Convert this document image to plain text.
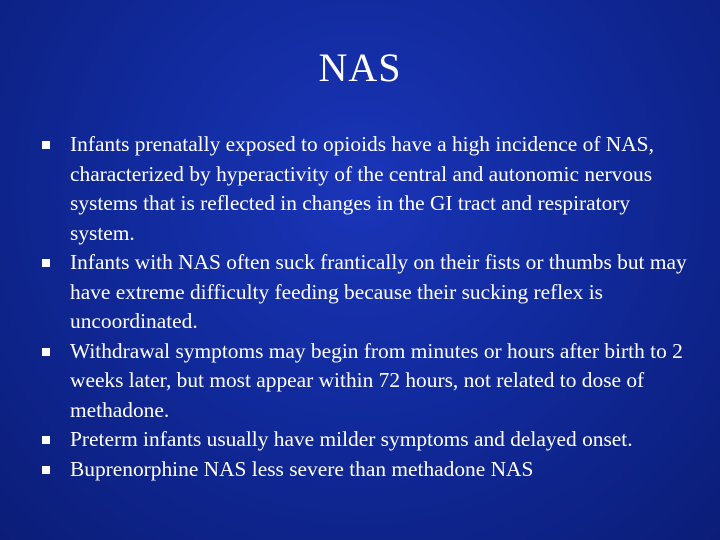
NAS
Infants prenatally exposed to opioids have a high incidence of NAS, characterized by hyperactivity of the central and autonomic nervous systems that is reflected in changes in the GI tract and respiratory system.
Infants with NAS often suck frantically on their fists or thumbs but may have extreme difficulty feeding because their sucking reflex is uncoordinated.
Withdrawal symptoms may begin from minutes or hours after birth to 2 weeks later, but most appear within 72 hours, not related to dose of methadone.
Preterm infants usually have milder symptoms and delayed onset.
Buprenorphine NAS less severe than methadone NAS
